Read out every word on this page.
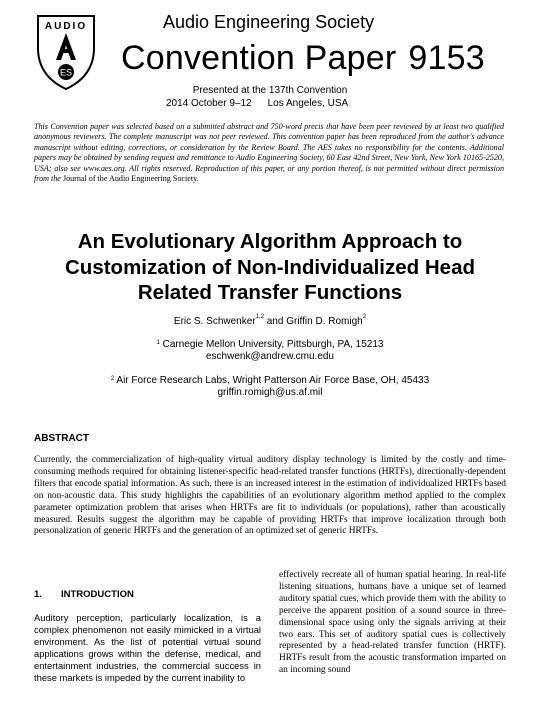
AUDIO
ES
Audio Engineering Society
Convention Paper 9153
Presented at the 137th Convention
2014 October 9–12 Los Angeles, USA
This Convention paper was selected based on a submitted abstract and 750-word precis that have been peer reviewed by at least two qualified anonymous reviewers. The complete manuscript was not peer reviewed. This convention paper has been reproduced from the author's advance manuscript without editing, corrections, or consideration by the Review Board. The AES takes no responsibility for the contents. Additional papers may be obtained by sending request and remittance to Audio Engineering Society, 60 East 42nd Street, New York, New York 10165-2520, USA; also see www.aes.org. All rights reserved. Reproduction of this paper, or any portion thereof, is not permitted without direct permission from the Journal of the Audio Engineering Society.
An Evolutionary Algorithm Approach to Customization of Non-Individualized Head Related Transfer Functions
Eric S. Schwenker$^{1,2}$ and Griffin D. Romigh$^2$
$^1$ Carnegie Mellon University, Pittsburgh, PA, 15213
eschwenk@andrew.cmu.edu
$^2$ Air Force Research Labs, Wright Patterson Air Force Base, OH, 45433
griffin.romigh@us.af.mil
ABSTRACT
Currently, the commercialization of high-quality virtual auditory display technology is limited by the costly and time-consuming methods required for obtaining listener-specific head-related transfer functions (HRTFs), directionally-dependent filters that encode spatial information. As such, there is an increased interest in the estimation of individualized HRTFs based on non-acoustic data. This study highlights the capabilities of an evolutionary algorithm method applied to the complex parameter optimization problem that arises when HRTFs are fit to individuals (or populations), rather than acoustically measured. Results suggest the algorithm may be capable of providing HRTFs that improve localization through both personalization of generic HRTFs and the generation of an optimized set of generic HRTFs.
1. INTRODUCTION
Auditory perception, particularly localization, is a complex phenomenon not easily mimicked in a virtual environment. As the list of potential virtual sound applications grows within the defense, medical, and entertainment industries, the commercial success in these markets is impeded by the current inability to
effectively recreate all of human spatial hearing. In real-life listening situations, humans have a unique set of learned auditory spatial cues, which provide them with the ability to perceive the apparent position of a sound source in three-dimensional space using only the signals arriving at their two ears. This set of auditory spatial cues is collectively represented by a head-related transfer function (HRTF). HRTFs result from the acoustic transformation imparted on an incoming sound
